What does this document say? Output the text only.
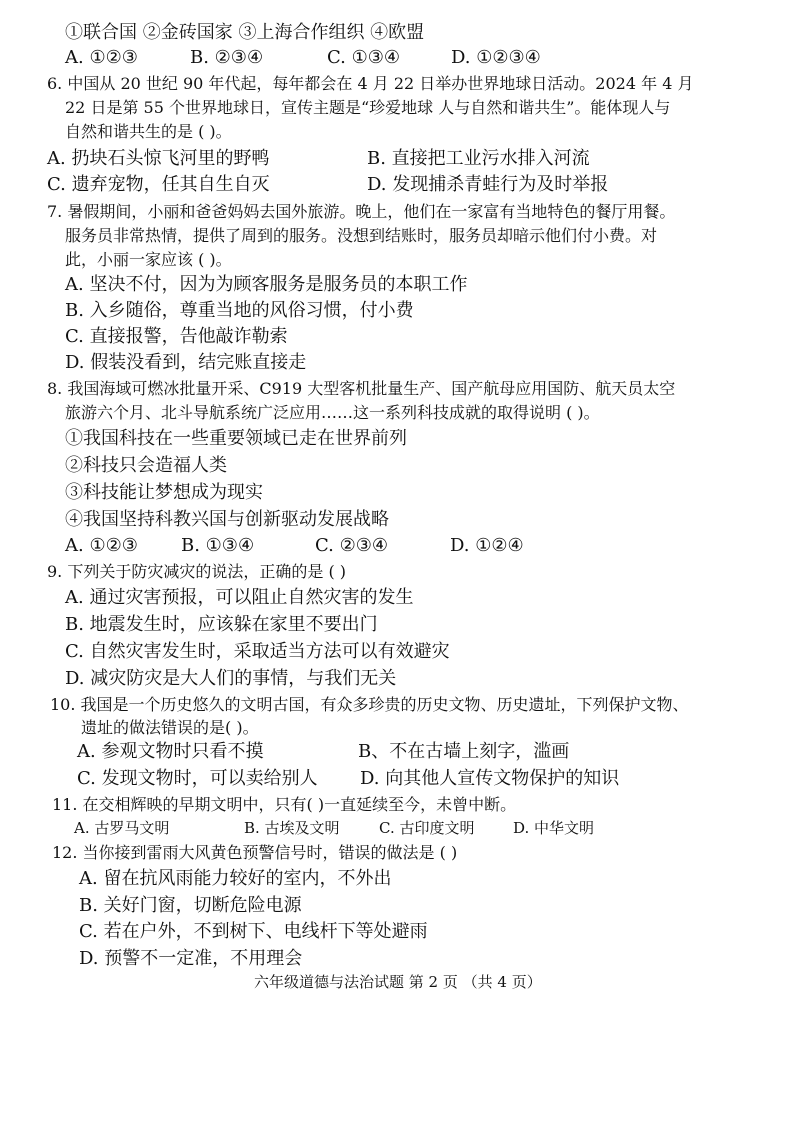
①联合国 ②金砖国家 ③上海合作组织 ④欧盟
A. ①②③	B. ②③④	C. ①③④	D. ①②③④
6. 中国从 20 世纪 90 年代起，每年都会在 4 月 22 日举办世界地球日活动。2024 年 4 月
22 日是第 55 个世界地球日，宣传主题是“珍爱地球 人与自然和谐共生”。能体现人与
自然和谐共生的是 ( )。
A. 扔块石头惊飞河里的野鸭	B. 直接把工业污水排入河流
C. 遗弃宠物，任其自生自灭	D. 发现捕杀青蛙行为及时举报
7. 暑假期间，小丽和爸爸妈妈去国外旅游。晚上，他们在一家富有当地特色的餐厅用餐。
服务员非常热情，提供了周到的服务。没想到结账时，服务员却暗示他们付小费。对
此，小丽一家应该 ( )。
A. 坚决不付，因为为顾客服务是服务员的本职工作
B. 入乡随俗，尊重当地的风俗习惯，付小费
C. 直接报警，告他敲诈勒索
D. 假装没看到，结完账直接走
8. 我国海域可燃冰批量开采、C919 大型客机批量生产、国产航母应用国防、航天员太空
旅游六个月、北斗导航系统广泛应用……这一系列科技成就的取得说明 ( )。
①我国科技在一些重要领域已走在世界前列
②科技只会造福人类
③科技能让梦想成为现实
④我国坚持科教兴国与创新驱动发展战略
A. ①②③ B. ①③④	C. ②③④	D. ①②④
9. 下列关于防灾减灾的说法，正确的是 ( )
A. 通过灾害预报，可以阻止自然灾害的发生
B. 地震发生时，应该躲在家里不要出门
C. 自然灾害发生时，采取适当方法可以有效避灾
D. 减灾防灾是大人们的事情，与我们无关
10. 我国是一个历史悠久的文明古国，有众多珍贵的历史文物、历史遗址，下列保护文物、
遗址的做法错误的是( )。
A. 参观文物时只看不摸	B、不在古墙上刻字，滥画
C. 发现文物时，可以卖给别人 D. 向其他人宣传文物保护的知识
11. 在交相辉映的早期文明中，只有( )一直延续至今，未曾中断。
A. 古罗马文明	B. 古埃及文明	C. 古印度文明	D. 中华文明
12. 当你接到雷雨大风黄色预警信号时，错误的做法是 ( )
A. 留在抗风雨能力较好的室内，不外出
B. 关好门窗，切断危险电源
C. 若在户外，不到树下、电线杆下等处避雨
D. 预警不一定准，不用理会
六年级道德与法治试题 第 2 页 （共 4 页）
